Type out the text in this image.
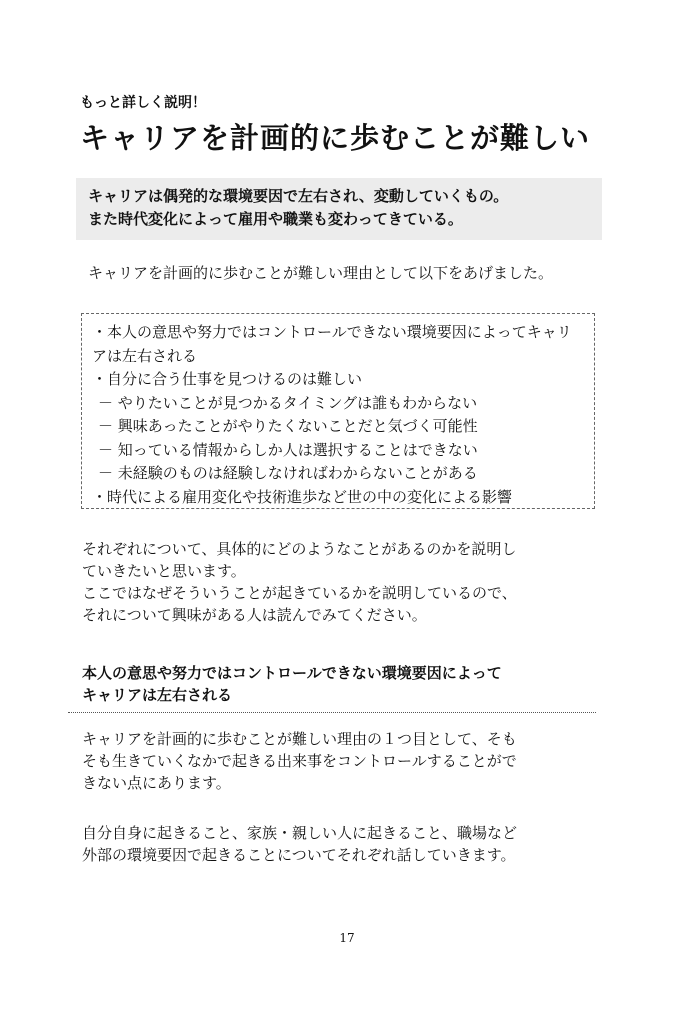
もっと詳しく説明！
キャリアを計画的に歩むことが難しい
キャリアは偶発的な環境要因で左右され、変動していくもの。
また時代変化によって雇用や職業も変わってきている。
キャリアを計画的に歩むことが難しい理由として以下をあげました。
・本人の意思や努力ではコントロールできない環境要因によってキャリアは左右される
・自分に合う仕事を見つけるのは難しい
－ やりたいことが見つかるタイミングは誰もわからない
－ 興味あったことがやりたくないことだと気づく可能性
－ 知っている情報からしか人は選択することはできない
－ 未経験のものは経験しなければわからないことがある
・時代による雇用変化や技術進歩など世の中の変化による影響
それぞれについて、具体的にどのようなことがあるのかを説明し
ていきたいと思います。
ここではなぜそういうことが起きているかを説明しているので、
それについて興味がある人は読んでみてください。
本人の意思や努力ではコントロールできない環境要因によって
キャリアは左右される
キャリアを計画的に歩むことが難しい理由の１つ目として、そも
そも生きていくなかで起きる出来事をコントロールすることがで
きない点にあります。
自分自身に起きること、家族・親しい人に起きること、職場など
外部の環境要因で起きることについてそれぞれ話していきます。
17
